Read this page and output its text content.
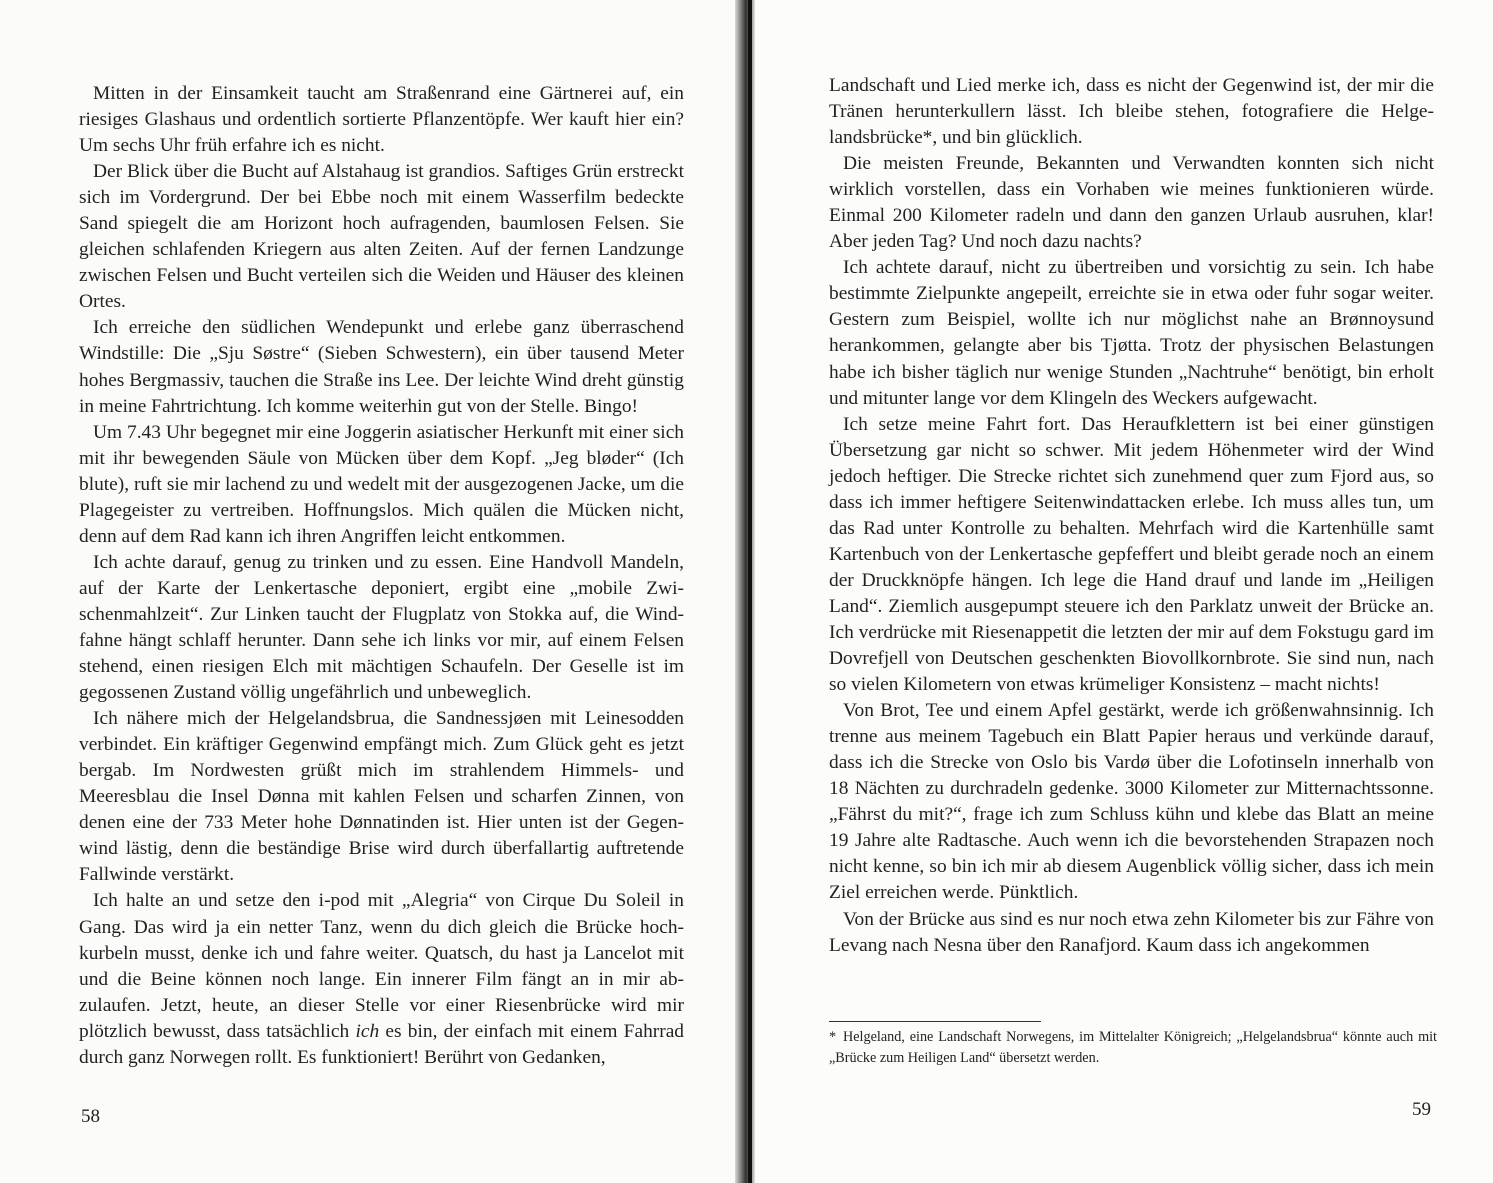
Mitten in der Einsamkeit taucht am Straßenrand eine Gärtnerei auf, ein riesiges Glashaus und ordentlich sortierte Pflanzentöpfe. Wer kauft hier ein? Um sechs Uhr früh erfahre ich es nicht.

Der Blick über die Bucht auf Alstahaug ist grandios. Saftiges Grün erstreckt sich im Vordergrund. Der bei Ebbe noch mit einem Wasserfilm bedeckte Sand spiegelt die am Horizont hoch aufragenden, baumlosen Felsen. Sie gleichen schlafenden Kriegern aus alten Zeiten. Auf der fernen Landzunge zwischen Felsen und Bucht verteilen sich die Weiden und Häuser des kleinen Ortes.

Ich erreiche den südlichen Wendepunkt und erlebe ganz überraschend Windstille: Die „Sju Søstre“ (Sieben Schwestern), ein über tausend Meter hohes Bergmassiv, tauchen die Straße ins Lee. Der leichte Wind dreht günstig in meine Fahrtrichtung. Ich komme weiterhin gut von der Stelle. Bingo!

Um 7.43 Uhr begegnet mir eine Joggerin asiatischer Herkunft mit einer sich mit ihr bewegenden Säule von Mücken über dem Kopf. „Jeg bløder“ (Ich blute), ruft sie mir lachend zu und wedelt mit der ausgezogenen Jacke, um die Plagegeister zu vertreiben. Hoffnungslos. Mich quälen die Mücken nicht, denn auf dem Rad kann ich ihren Angriffen leicht entkommen.

Ich achte darauf, genug zu trinken und zu essen. Eine Handvoll Mandeln, auf der Karte der Lenkertasche deponiert, ergibt eine „mobile Zwischenmahlzeit“. Zur Linken taucht der Flugplatz von Stokka auf, die Windfahne hängt schlaff herunter. Dann sehe ich links vor mir, auf einem Felsen stehend, einen riesigen Elch mit mächtigen Schaufeln. Der Geselle ist im gegossenen Zustand völlig ungefährlich und unbeweglich.

Ich nähere mich der Helgelandsbrua, die Sandnessjøen mit Leinesodden verbindet. Ein kräftiger Gegenwind empfängt mich. Zum Glück geht es jetzt bergab. Im Nordwesten grüßt mich im strahlendem Himmels- und Meeresblau die Insel Dønna mit kahlen Felsen und scharfen Zinnen, von denen eine der 733 Meter hohe Dønnatinden ist. Hier unten ist der Gegenwind lästig, denn die beständige Brise wird durch überfallartig auftretende Fallwinde verstärkt.

Ich halte an und setze den i-pod mit „Alegria“ von Cirque Du Soleil in Gang. Das wird ja ein netter Tanz, wenn du dich gleich die Brücke hochkurbeln musst, denke ich und fahre weiter. Quatsch, du hast ja Lancelot mit und die Beine können noch lange. Ein innerer Film fängt an in mir abzulaufen. Jetzt, heute, an dieser Stelle vor einer Riesenbrücke wird mir plötzlich bewusst, dass tatsächlich ich es bin, der einfach mit einem Fahrrad durch ganz Norwegen rollt. Es funktioniert! Berührt von Gedanken,

58

Landschaft und Lied merke ich, dass es nicht der Gegenwind ist, der mir die Tränen herunterkullern lässt. Ich bleibe stehen, fotografiere die Helgelandsbrücke*, und bin glücklich.

Die meisten Freunde, Bekannten und Verwandten konnten sich nicht wirklich vorstellen, dass ein Vorhaben wie meines funktionieren würde. Einmal 200 Kilometer radeln und dann den ganzen Urlaub ausruhen, klar! Aber jeden Tag? Und noch dazu nachts?

Ich achtete darauf, nicht zu übertreiben und vorsichtig zu sein. Ich habe bestimmte Zielpunkte angepeilt, erreichte sie in etwa oder fuhr sogar weiter. Gestern zum Beispiel, wollte ich nur möglichst nahe an Brønnoysund herankommen, gelangte aber bis Tjøtta. Trotz der physischen Belastungen habe ich bisher täglich nur wenige Stunden „Nachtruhe“ benötigt, bin erholt und mitunter lange vor dem Klingeln des Weckers aufgewacht.

Ich setze meine Fahrt fort. Das Heraufklettern ist bei einer günstigen Übersetzung gar nicht so schwer. Mit jedem Höhenmeter wird der Wind jedoch heftiger. Die Strecke richtet sich zunehmend quer zum Fjord aus, so dass ich immer heftigere Seitenwindattacken erlebe. Ich muss alles tun, um das Rad unter Kontrolle zu behalten. Mehrfach wird die Kartenhülle samt Kartenbuch von der Lenkertasche gepfeffert und bleibt gerade noch an einem der Druckknöpfe hängen. Ich lege die Hand drauf und lande im „Heiligen Land“. Ziemlich ausgepumpt steuere ich den Parklatz unweit der Brücke an. Ich verdrücke mit Riesenappetit die letzten der mir auf dem Fokstugu gard im Dovrefjell von Deutschen geschenkten Biovollkornbrote. Sie sind nun, nach so vielen Kilometern von etwas krümeliger Konsistenz – macht nichts!

Von Brot, Tee und einem Apfel gestärkt, werde ich größenwahnsinnig. Ich trenne aus meinem Tagebuch ein Blatt Papier heraus und verkünde darauf, dass ich die Strecke von Oslo bis Vardø über die Lofotinseln innerhalb von 18 Nächten zu durchradeln gedenke. 3000 Kilometer zur Mitternachtssonne. „Fährst du mit?“, frage ich zum Schluss kühn und klebe das Blatt an meine 19 Jahre alte Radtasche. Auch wenn ich die bevorstehenden Strapazen noch nicht kenne, so bin ich mir ab diesem Augenblick völlig sicher, dass ich mein Ziel erreichen werde. Pünktlich.

Von der Brücke aus sind es nur noch etwa zehn Kilometer bis zur Fähre von Levang nach Nesna über den Ranafjord. Kaum dass ich angekommen

* Helgeland, eine Landschaft Norwegens, im Mittelalter Königreich; „Helgelandsbrua“ könnte auch mit „Brücke zum Heiligen Land“ übersetzt werden.
59
